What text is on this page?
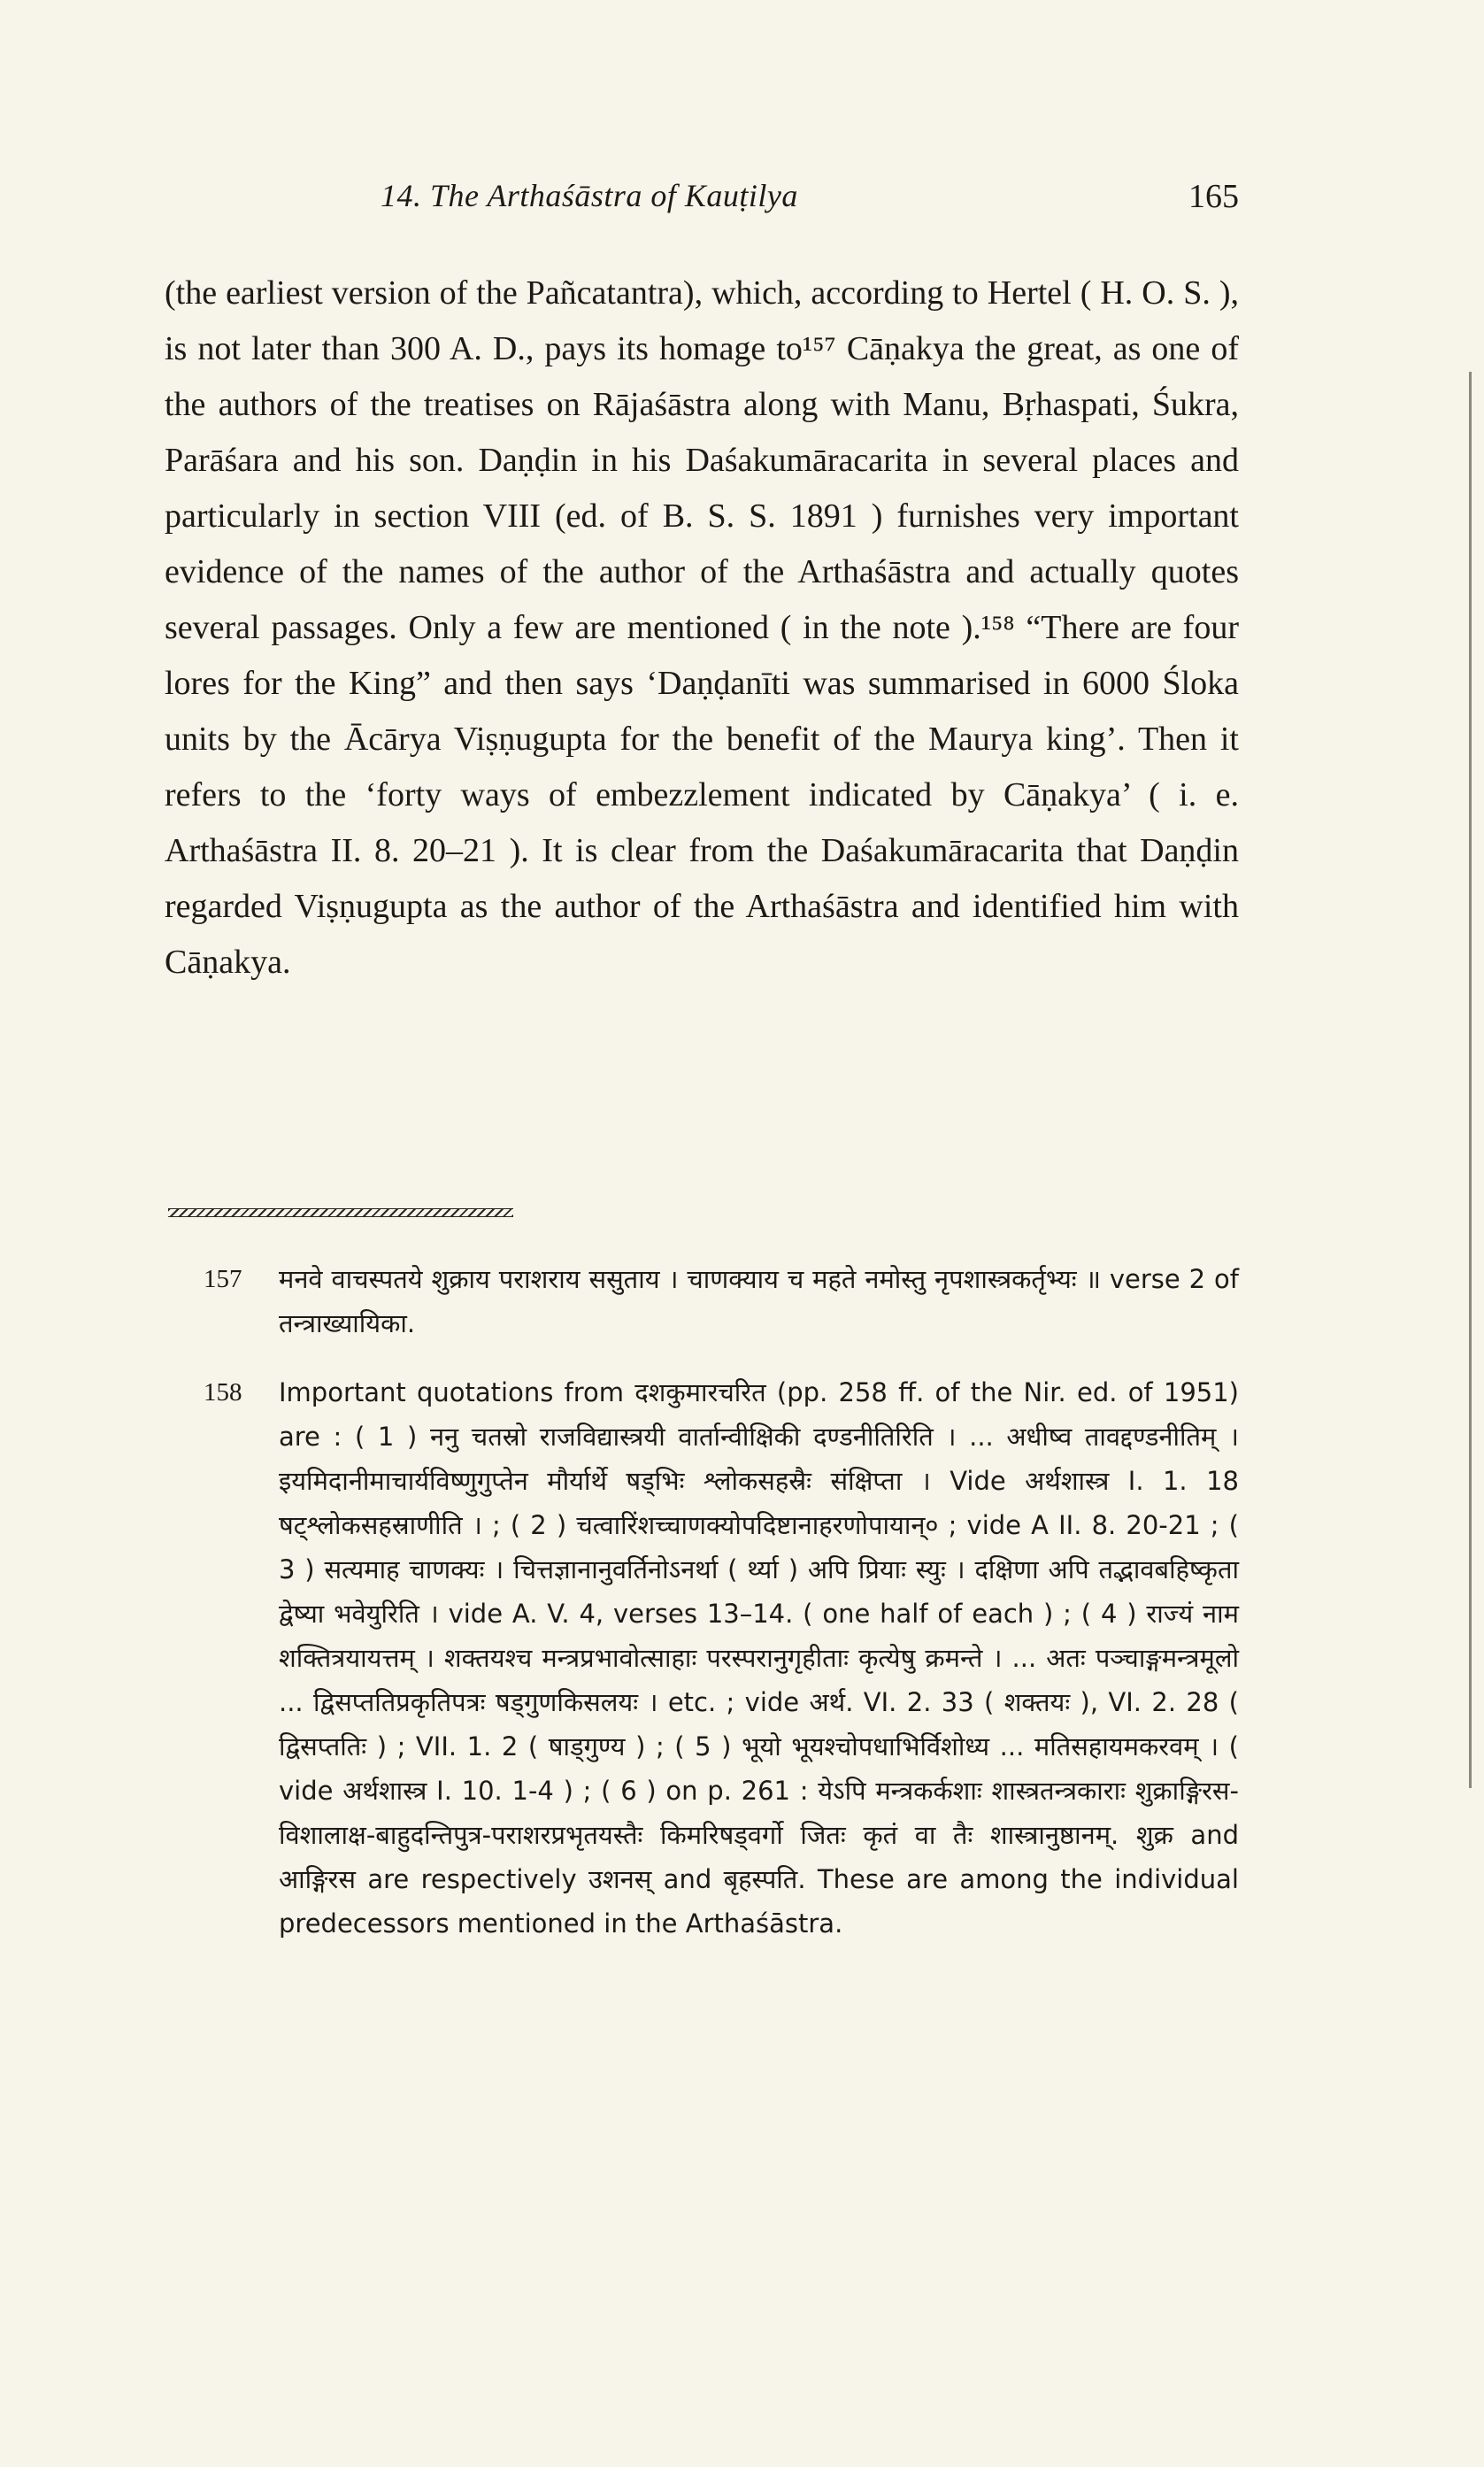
14. The Arthaśāstra of Kauṭilya	165

(the earliest version of the Pañcatantra), which, according to Hertel ( H. O. S. ), is not later than 300 A. D., pays its homage to¹⁵⁷ Cāṇakya the great, as one of the authors of the treatises on Rājaśāstra along with Manu, Bṛhaspati, Śukra, Parāśara and his son. Daṇḍin in his Daśakumāracarita in several places and particularly in section VIII (ed. of B. S. S. 1891 ) furnishes very important evidence of the names of the author of the Arthaśāstra and actually quotes several passages. Only a few are mentioned ( in the note ).¹⁵⁸ “There are four lores for the King” and then says ‘Daṇḍanīti was summarised in 6000 Śloka units by the Ācārya Viṣṇugupta for the benefit of the Maurya king’. Then it refers to the ‘forty ways of embezzlement indicated by Cāṇakya’ ( i. e. Arthaśāstra II. 8. 20–21 ). It is clear from the Daśakumāracarita that Daṇḍin regarded Viṣṇugupta as the author of the Arthaśāstra and identified him with Cāṇakya.

157	मनवे वाचस्पतये शुक्राय पराशराय ससुताय । चाणक्याय च महते नमोस्तु नृपशास्त्रकर्तृभ्यः ॥ verse 2 of तन्त्राख्यायिका.
158	Important quotations from दशकुमारचरित (pp. 258 ff. of the Nir. ed. of 1951) are : ( 1 ) ननु चतस्रो राजविद्यास्त्रयी वार्तान्वीक्षिकी दण्डनीतिरिति । ... अधीष्व तावद्दण्डनीतिम् । इयमिदानीमाचार्यविष्णुगुप्तेन मौर्यार्थे षड्भिः श्लोकसहस्रैः संक्षिप्ता । Vide अर्थशास्त्र I. 1. 18 षट्श्लोकसहस्राणीति । ; ( 2 ) चत्वारिंशच्चाणक्योपदिष्टानाहरणोपायान्० ; vide A II. 8. 20-21 ; ( 3 ) सत्यमाह चाणक्यः । चित्तज्ञानानुवर्तिनोऽनर्था ( र्थ्या ) अपि प्रियाः स्युः । दक्षिणा अपि तद्भावबहिष्कृता द्वेष्या भवेयुरिति । vide A. V. 4, verses 13–14. ( one half of each ) ; ( 4 ) राज्यं नाम शक्तित्रयायत्तम् । शक्तयश्च मन्त्रप्रभावोत्साहाः परस्परानुगृहीताः कृत्येषु क्रमन्ते । ... अतः पञ्चाङ्गमन्त्रमूलो ... द्विसप्ततिप्रकृतिपत्रः षड्गुणकिसलयः । etc. ; vide अर्थ. VI. 2. 33 ( शक्तयः ), VI. 2. 28 ( द्विसप्ततिः ) ; VII. 1. 2 ( षाड्गुण्य ) ; ( 5 ) भूयो भूयश्चोपधाभिर्विशोध्य ... मतिसहायमकरवम् । ( vide अर्थशास्त्र I. 10. 1-4 ) ; ( 6 ) on p. 261 : येऽपि मन्त्रकर्कशाः शास्त्रतन्त्रकाराः शुक्राङ्गिरस-विशालाक्ष-बाहुदन्तिपुत्र-पराशरप्रभृतयस्तैः किमरिषड्वर्गो जितः कृतं वा तैः शास्त्रानुष्ठानम्. शुक्र and आङ्गिरस are respectively उशनस् and बृहस्पति. These are among the individual predecessors mentioned in the Arthaśāstra.
